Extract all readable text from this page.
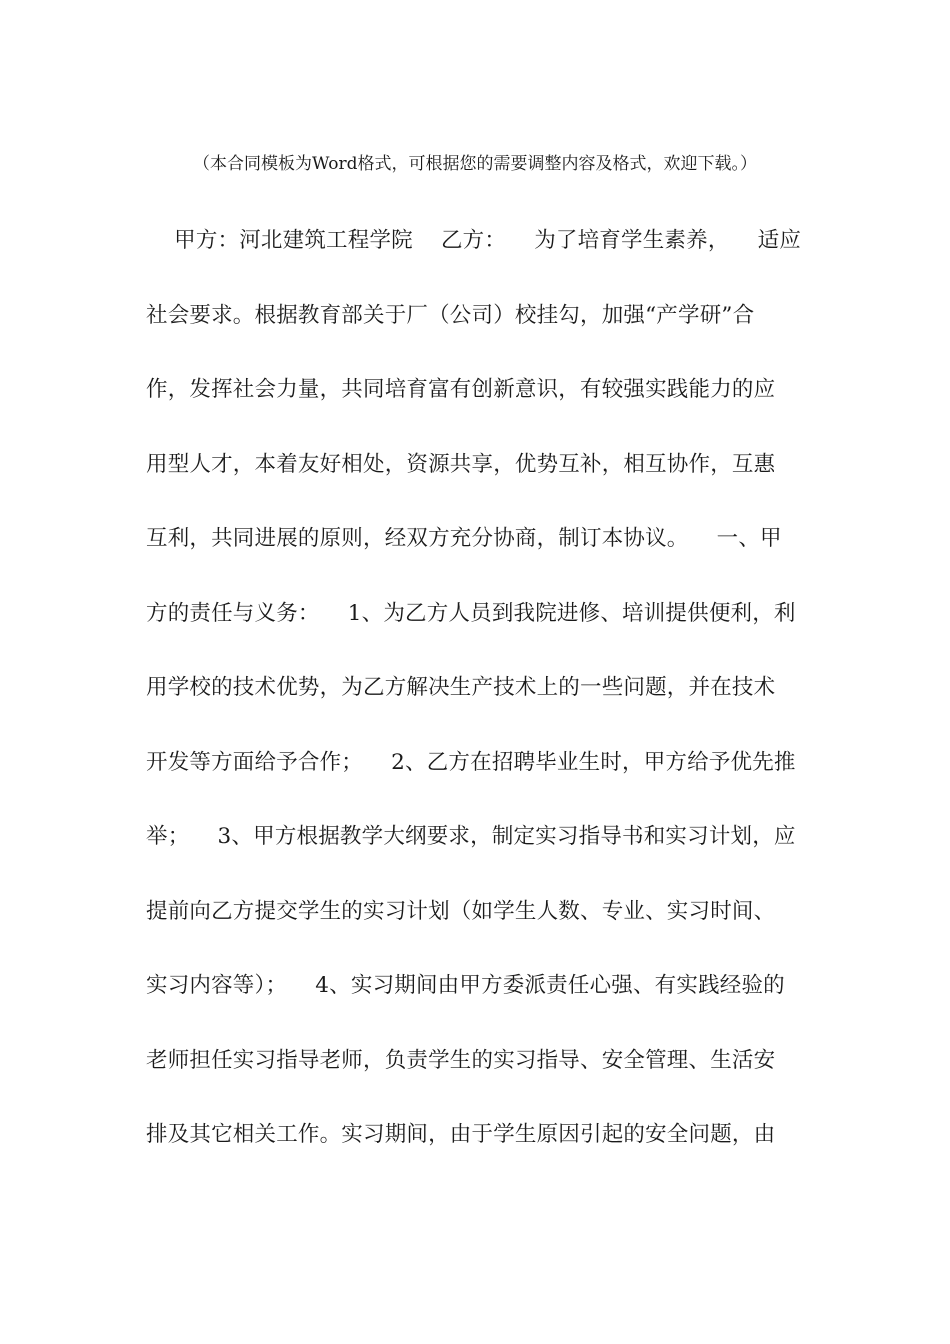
（本合同模板为Word格式，可根据您的需要调整内容及格式，欢迎下载。）
甲方：河北建筑工程学院    乙方：    为了培育学生素养，    适应
社会要求。根据教育部关于厂（公司）校挂勾，加强“产学研”合
作，发挥社会力量，共同培育富有创新意识，有较强实践能力的应
用型人才，本着友好相处，资源共享，优势互补，相互协作，互惠
互利，共同进展的原则，经双方充分协商，制订本协议。    一、甲
方的责任与义务：    1、为乙方人员到我院进修、培训提供便利，利
用学校的技术优势，为乙方解决生产技术上的一些问题，并在技术
开发等方面给予合作；    2、乙方在招聘毕业生时，甲方给予优先推
举；    3、甲方根据教学大纲要求，制定实习指导书和实习计划，应
提前向乙方提交学生的实习计划（如学生人数、专业、实习时间、
实习内容等）；    4、实习期间由甲方委派责任心强、有实践经验的
老师担任实习指导老师，负责学生的实习指导、安全管理、生活安
排及其它相关工作。实习期间，由于学生原因引起的安全问题，由
